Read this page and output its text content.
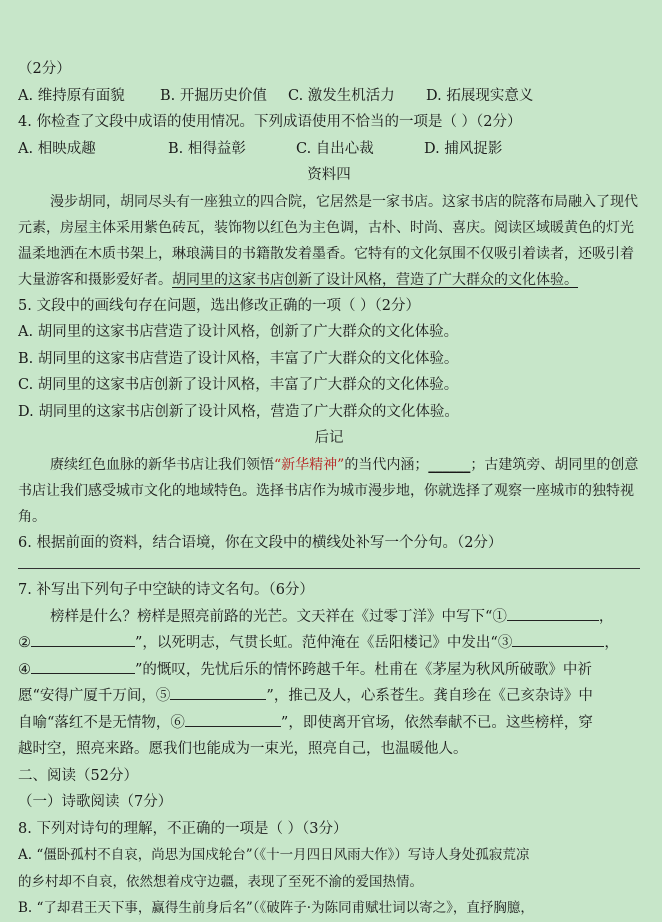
（2分）
A. 维持原有面貌	B. 开掘历史价值	C. 激发生机活力	D. 拓展现实意义
4. 你检查了文段中成语的使用情况。下列成语使用不恰当的一项是（ ）（2分）
A. 相映成趣	B. 相得益彰	C. 自出心裁	D. 捕风捉影
资料四
漫步胡同，胡同尽头有一座独立的四合院，它居然是一家书店。这家书店的院落布局融入了现代元素，房屋主体采用紫色砖瓦，装饰物以红色为主色调，古朴、时尚、喜庆。阅读区域暖黄色的灯光温柔地洒在木质书架上，琳琅满目的书籍散发着墨香。它特有的文化氛围不仅吸引着读者，还吸引着大量游客和摄影爱好者。胡同里的这家书店创新了设计风格，营造了广大群众的文化体验。
5. 文段中的画线句存在问题，选出修改正确的一项（ ）（2分）
A. 胡同里的这家书店营造了设计风格，创新了广大群众的文化体验。
B. 胡同里的这家书店营造了设计风格，丰富了广大群众的文化体验。
C. 胡同里的这家书店创新了设计风格，丰富了广大群众的文化体验。
D. 胡同里的这家书店创新了设计风格，营造了广大群众的文化体验。
后记
赓续红色血脉的新华书店让我们领悟“新华精神”的当代内涵；______；古建筑旁、胡同里的创意书店让我们感受城市文化的地域特色。选择书店作为城市漫步地，你就选择了观察一座城市的独特视角。
6. 根据前面的资料，结合语境，你在文段中的横线处补写一个分句。（2分）
7. 补写出下列句子中空缺的诗文名句。（6分）
榜样是什么？榜样是照亮前路的光芒。文天祥在《过零丁洋》中写下“①	，
②	”，以死明志，气贯长虹。范仲淹在《岳阳楼记》中发出“③	，
④	”的慨叹，先忧后乐的情怀跨越千年。杜甫在《茅屋为秋风所破歌》中祈
愿“安得广厦千万间，⑤	”，推己及人，心系苍生。龚自珍在《己亥杂诗》中
自喻“落红不是无情物，⑥	”，即使离开官场，依然奉献不已。这些榜样，穿
越时空，照亮来路。愿我们也能成为一束光，照亮自己，也温暖他人。
二、阅读（52分）
（一）诗歌阅读（7分）
8. 下列对诗句的理解，不正确的一项是（ ）（3分）
A. “僵卧孤村不自哀，尚思为国戍轮台”（《十一月四日风雨大作》）写诗人身处孤寂荒凉
的乡村却不自哀，依然想着戍守边疆，表现了至死不渝的爱国热情。
B. “了却君王天下事，赢得生前身后名”（《破阵子·为陈同甫赋壮词以寄之》，直抒胸臆，
